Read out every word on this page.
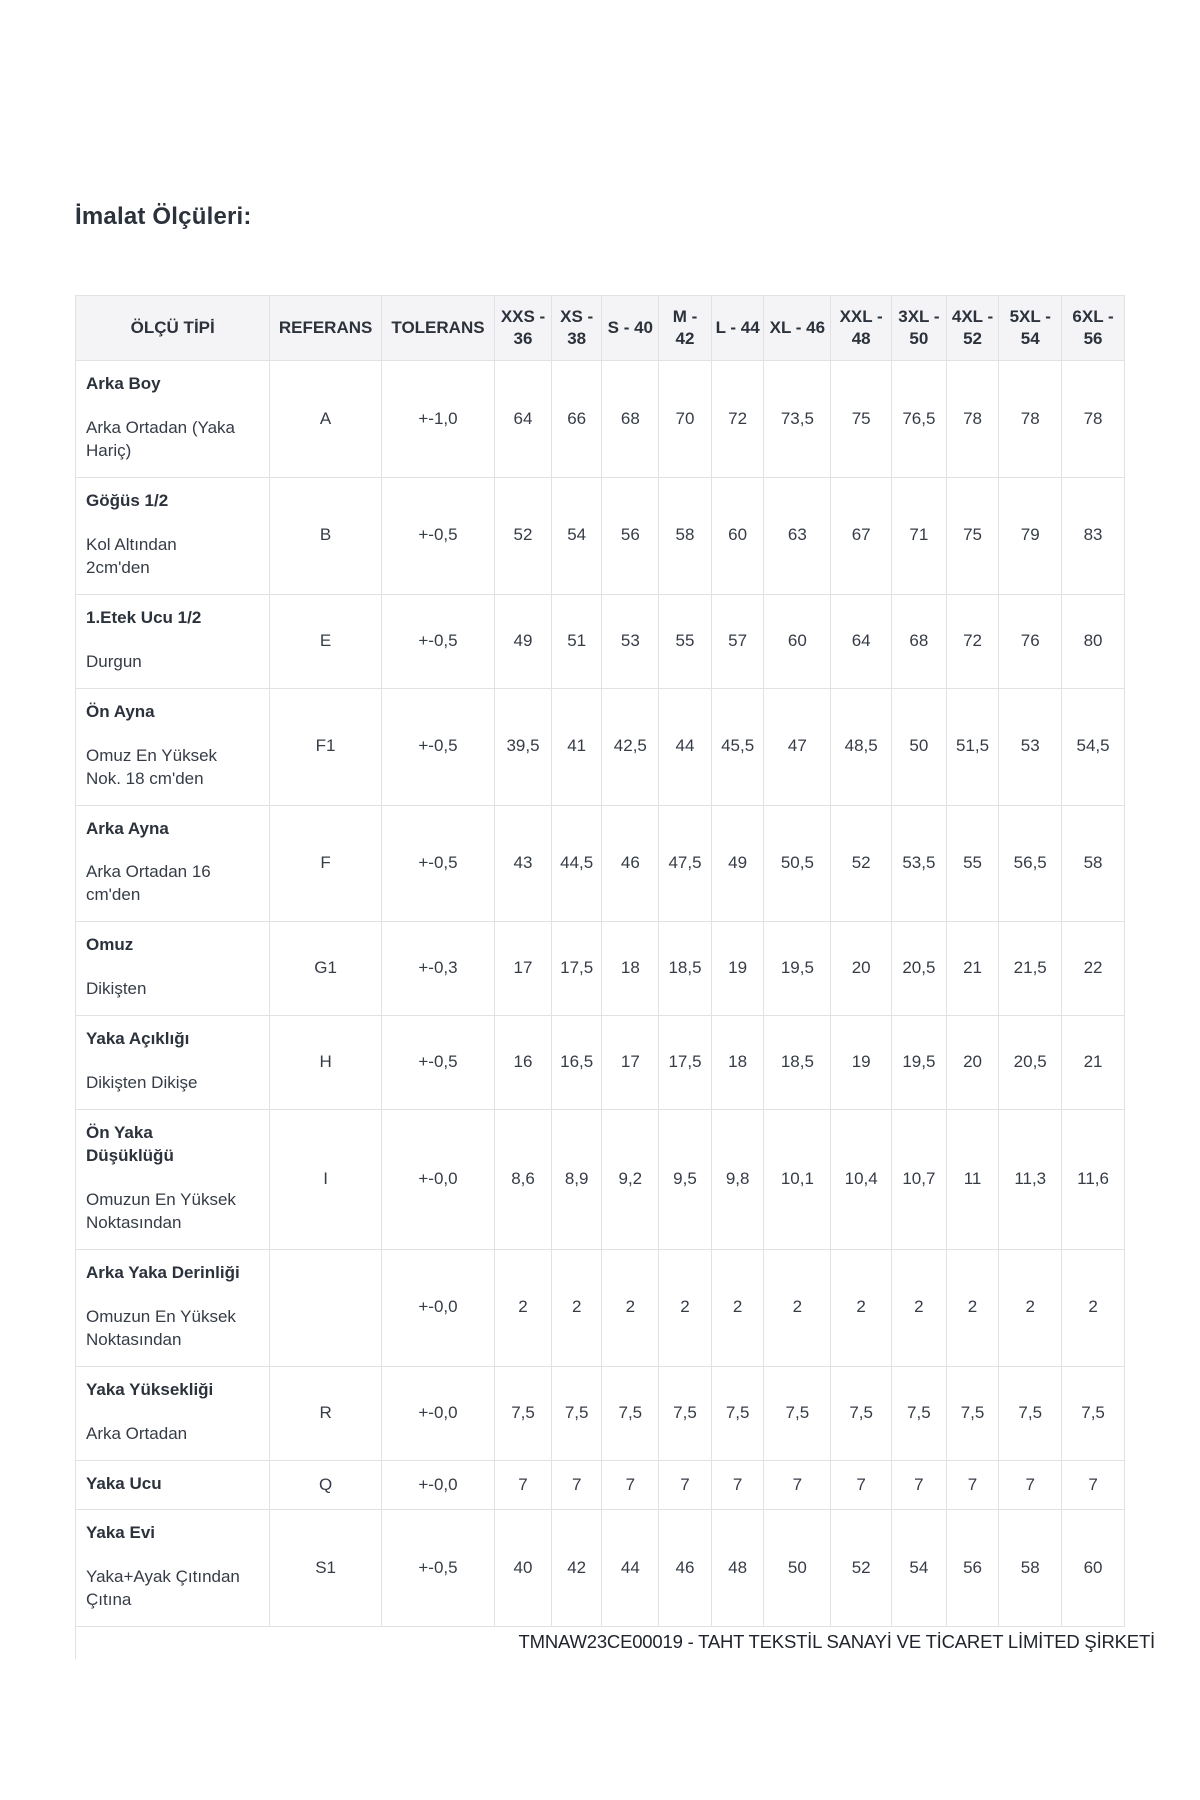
İmalat Ölçüleri:
ÖLÇÜ TİPİ	REFERANS	TOLERANS	XXS - 36	XS - 38	S - 40	M - 42	L - 44	XL - 46	XXL - 48	3XL - 50	4XL - 52	5XL - 54	6XL - 56

Arka Boy
Arka Ortadan (Yaka Hariç)	A	+-1,0	64	66	68	70	72	73,5	75	76,5	78	78	78

Göğüs 1/2
Kol Altından 2cm'den	B	+-0,5	52	54	56	58	60	63	67	71	75	79	83

1.Etek Ucu 1/2
Durgun	E	+-0,5	49	51	53	55	57	60	64	68	72	76	80

Ön Ayna
Omuz En Yüksek Nok. 18 cm'den	F1	+-0,5	39,5	41	42,5	44	45,5	47	48,5	50	51,5	53	54,5

Arka Ayna
Arka Ortadan 16 cm'den	F	+-0,5	43	44,5	46	47,5	49	50,5	52	53,5	55	56,5	58

Omuz
Dikişten	G1	+-0,3	17	17,5	18	18,5	19	19,5	20	20,5	21	21,5	22

Yaka Açıklığı
Dikişten Dikişe	H	+-0,5	16	16,5	17	17,5	18	18,5	19	19,5	20	20,5	21

Ön Yaka Düşüklüğü
Omuzun En Yüksek Noktasından	I	+-0,0	8,6	8,9	9,2	9,5	9,8	10,1	10,4	10,7	11	11,3	11,6

Arka Yaka Derinliği
Omuzun En Yüksek Noktasından		+-0,0	2	2	2	2	2	2	2	2	2	2	2

Yaka Yüksekliği
Arka Ortadan	R	+-0,0	7,5	7,5	7,5	7,5	7,5	7,5	7,5	7,5	7,5	7,5	7,5

Yaka Ucu	Q	+-0,0	7	7	7	7	7	7	7	7	7	7	7

Yaka Evi
Yaka+Ayak Çıtından Çıtına	S1	+-0,5	40	42	44	46	48	50	52	54	56	58	60
TMNAW23CE00019 - TAHT TEKSTİL SANAYİ VE TİCARET LİMİTED ŞİRKETİ
